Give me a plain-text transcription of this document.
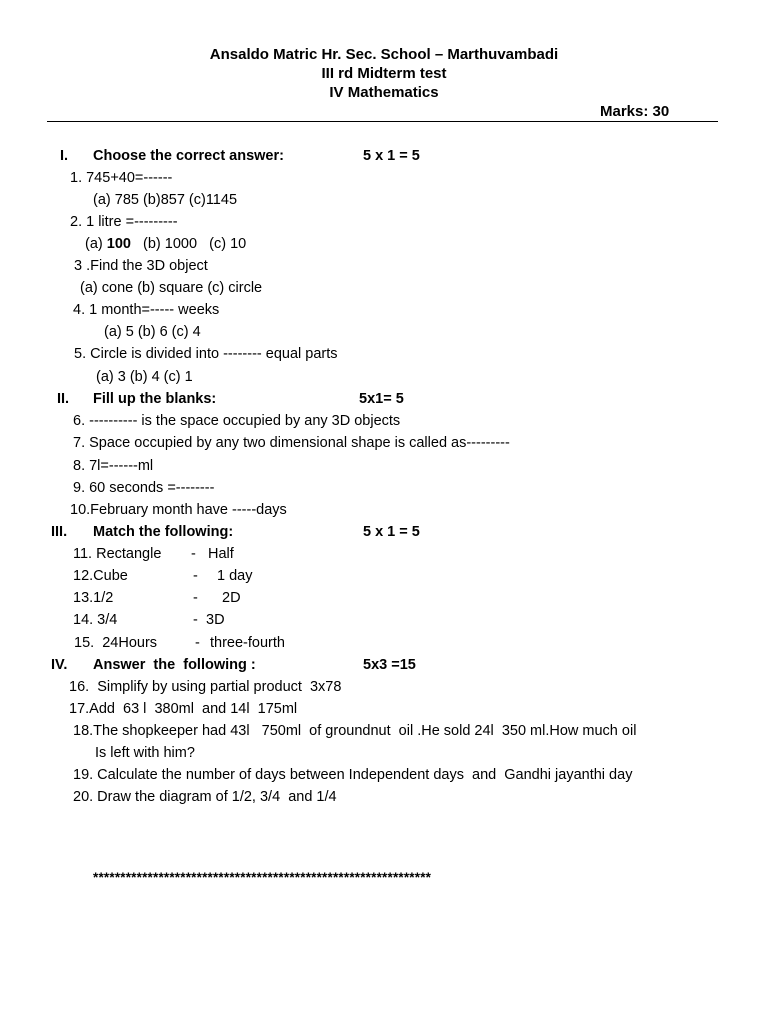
Ansaldo Matric Hr. Sec. School – Marthuvambadi
III rd Midterm test
IV Mathematics
Marks: 30
I. Choose the correct answer:	5 x 1 = 5
1. 745+40=------
(a) 785 (b)857 (c)1145
2. 1 litre =---------
(a) 100   (b) 1000   (c) 10
3 .Find the 3D object
(a) cone (b) square (c) circle
4. 1 month=----- weeks
(a) 5 (b) 6 (c) 4
5. Circle is divided into -------- equal parts
(a) 3 (b) 4 (c) 1
II. Fill up the blanks:	5x1= 5
6. ---------- is the space occupied by any 3D objects
7. Space occupied by any two dimensional shape is called as---------
8. 7l=------ml
9. 60 seconds =--------
10.February month have -----days
III. Match the following:	5 x 1 = 5
11. Rectangle - Half
12.Cube	- 1 day
13.1/2	- 2D
14. 3/4	- 3D
15.  24Hours	- three-fourth
IV. Answer  the  following :	5x3 =15
16.  Simplify by using partial product  3x78
17.Add  63 l  380ml  and 14l  175ml
18.The shopkeeper had 43l   750ml  of groundnut  oil .He sold 24l  350 ml.How much oil
Is left with him?
19. Calculate the number of days between Independent days  and  Gandhi jayanthi day
20. Draw the diagram of 1/2, 3/4  and 1/4
**************************************************************
